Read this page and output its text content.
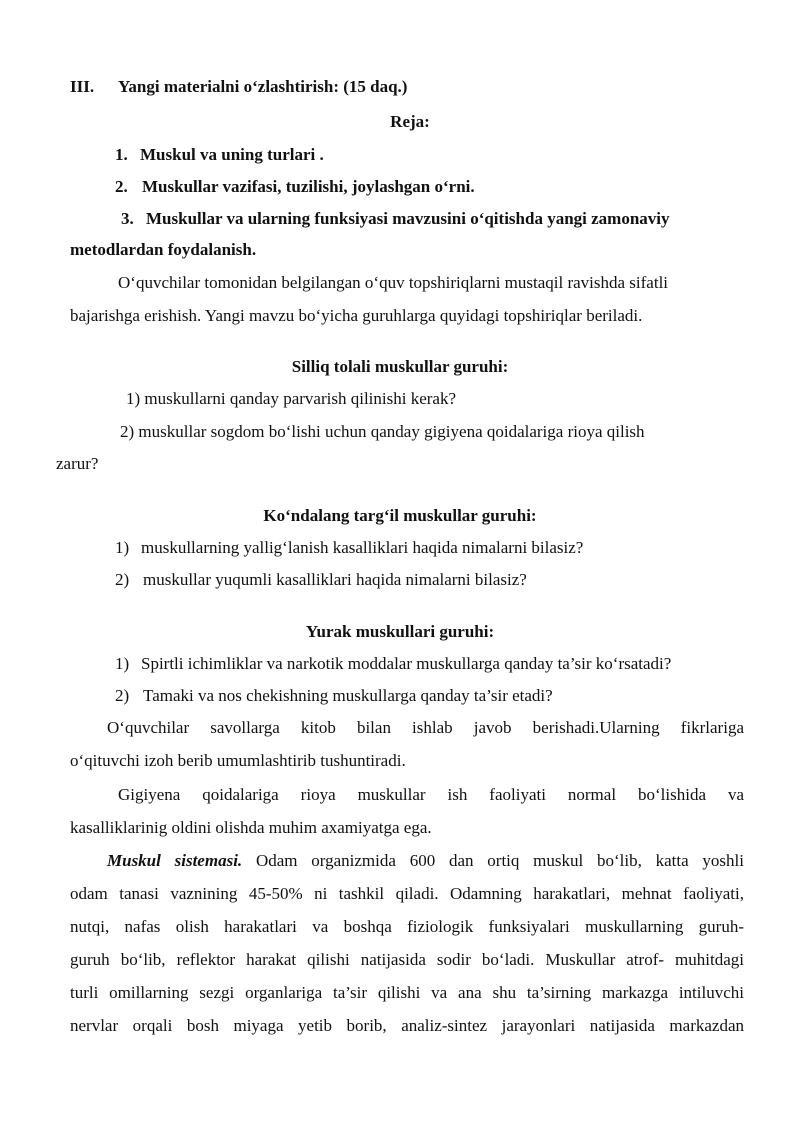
III. Yangi materialni o‘zlashtirish: (15 daq.)
Reja:
1. Muskul va uning turlari .
2. Muskullar vazifasi, tuzilishi, joylashgan o‘rni.
3. Muskullar va ularning funksiyasi mavzusini o‘qitishda yangi zamonaviy
metodlardan foydalanish.
O‘quvchilar tomonidan belgilangan o‘quv topshiriqlarni mustaqil ravishda sifatli
bajarishga erishish. Yangi mavzu bo‘yicha guruhlarga quyidagi topshiriqlar beriladi.
Silliq tolali muskullar guruhi:
1) muskullarni qanday parvarish qilinishi kerak?
2) muskullar sogdom bo‘lishi uchun qanday gigiyena qoidalariga rioya qilish
zarur?
Ko‘ndalang targ‘il muskullar guruhi:
1) muskullarning yallig‘lanish kasalliklari haqida nimalarni bilasiz?
2) muskullar yuqumli kasalliklari haqida nimalarni bilasiz?
Yurak muskullari guruhi:
1) Spirtli ichimliklar va narkotik moddalar muskullarga qanday ta’sir ko‘rsatadi?
2) Tamaki va nos chekishning muskullarga qanday ta’sir etadi?
O‘quvchilar savollarga kitob bilan ishlab javob berishadi.Ularning fikrlariga
o‘qituvchi izoh berib umumlashtirib tushuntiradi.
Gigiyena qoidalariga rioya muskullar ish faoliyati normal bo‘lishida va
kasalliklarinig oldini olishda muhim axamiyatga ega.
Muskul sistemasi. Odam organizmida 600 dan ortiq muskul bo‘lib, katta yoshli
odam tanasi vaznining 45-50% ni tashkil qiladi. Odamning harakatlari, mehnat faoliyati,
nutqi, nafas olish harakatlari va boshqa fiziologik funksiyalari muskullarning guruh-
guruh bo‘lib, reflektor harakat qilishi natijasida sodir bo‘ladi. Muskullar atrof- muhitdagi
turli omillarning sezgi organlariga ta’sir qilishi va ana shu ta’sirning markazga intiluvchi
nervlar orqali bosh miyaga yetib borib, analiz-sintez jarayonlari natijasida markazdan
